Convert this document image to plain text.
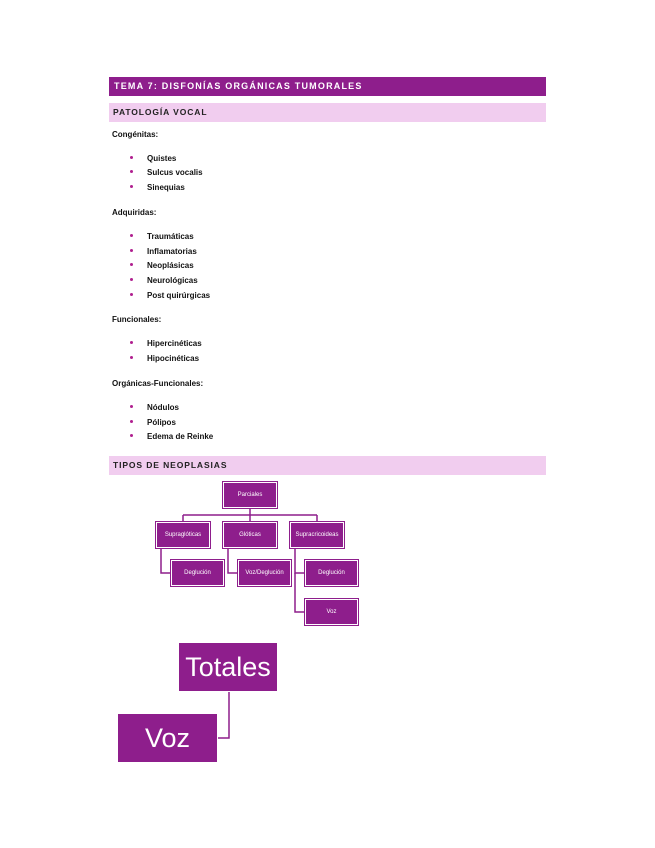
TEMA 7: DISFONÍAS ORGÁNICAS TUMORALES
PATOLOGÍA VOCAL
Congénitas:
Quistes
Sulcus vocalis
Sinequias
Adquiridas:
Traumáticas
Inflamatorias
Neoplásicas
Neurológicas
Post quirúrgicas
Funcionales:
Hipercinéticas
Hipocinéticas
Orgánicas-Funcionales:
Nódulos
Pólipos
Edema de Reinke
TIPOS DE NEOPLASIAS
Parciales
Supraglóticas	Glóticas	Supracricoideas
Deglución	Voz/Deglución	Deglución
Voz
Totales
Voz
